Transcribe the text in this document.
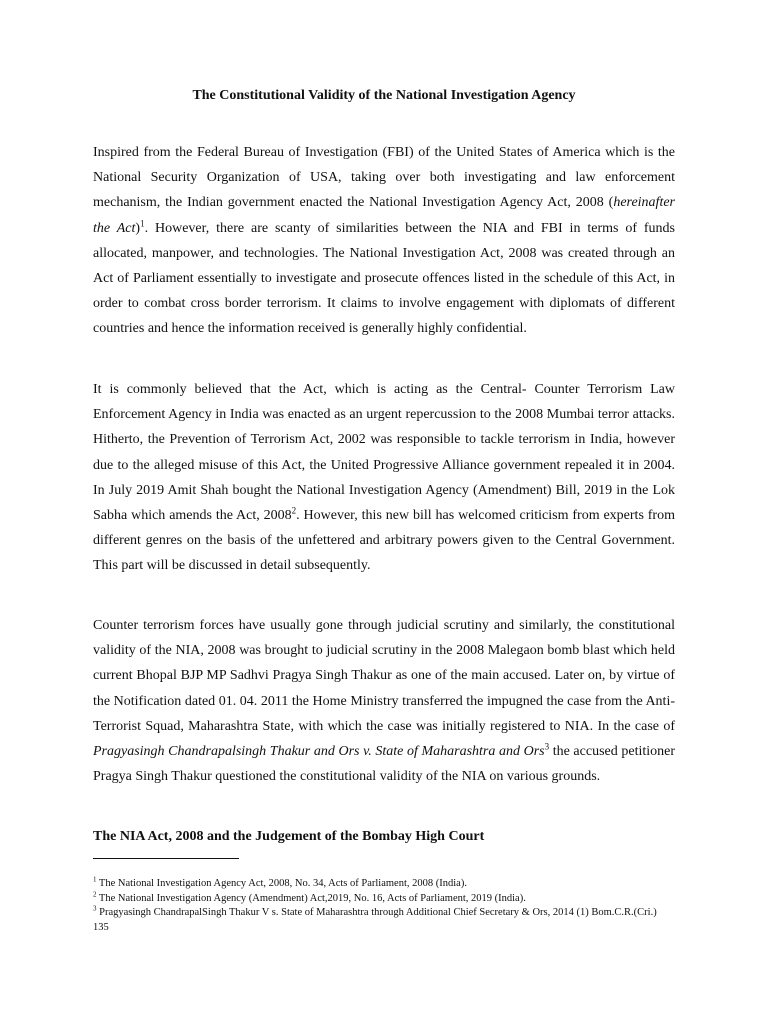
The Constitutional Validity of the National Investigation Agency

Inspired from the Federal Bureau of Investigation (FBI) of the United States of America which is the National Security Organization of USA, taking over both investigating and law enforcement mechanism, the Indian government enacted the National Investigation Agency Act, 2008 (hereinafter the Act)$^1$. However, there are scanty of similarities between the NIA and FBI in terms of funds allocated, manpower, and technologies. The National Investigation Act, 2008 was created through an Act of Parliament essentially to investigate and prosecute offences listed in the schedule of this Act, in order to combat cross border terrorism. It claims to involve engagement with diplomats of different countries and hence the information received is generally highly confidential.

It is commonly believed that the Act, which is acting as the Central- Counter Terrorism Law Enforcement Agency in India was enacted as an urgent repercussion to the 2008 Mumbai terror attacks. Hitherto, the Prevention of Terrorism Act, 2002 was responsible to tackle terrorism in India, however due to the alleged misuse of this Act, the United Progressive Alliance government repealed it in 2004. In July 2019 Amit Shah bought the National Investigation Agency (Amendment) Bill, 2019 in the Lok Sabha which amends the Act, 2008$^2$. However, this new bill has welcomed criticism from experts from different genres on the basis of the unfettered and arbitrary powers given to the Central Government. This part will be discussed in detail subsequently.

Counter terrorism forces have usually gone through judicial scrutiny and similarly, the constitutional validity of the NIA, 2008 was brought to judicial scrutiny in the 2008 Malegaon bomb blast which held current Bhopal BJP MP Sadhvi Pragya Singh Thakur as one of the main accused. Later on, by virtue of the Notification dated 01. 04. 2011 the Home Ministry transferred the impugned the case from the Anti-Terrorist Squad, Maharashtra State, with which the case was initially registered to NIA. In the case of Pragyasingh Chandrapalsingh Thakur and Ors v. State of Maharashtra and Ors$^3$ the accused petitioner Pragya Singh Thakur questioned the constitutional validity of the NIA on various grounds.

The NIA Act, 2008 and the Judgement of the Bombay High Court

$^1$ The National Investigation Agency Act, 2008, No. 34, Acts of Parliament, 2008 (India).

$^2$ The National Investigation Agency (Amendment) Act,2019, No. 16, Acts of Parliament, 2019 (India).

$^3$ Pragyasingh ChandrapalSingh Thakur V s. State of Maharashtra through Additional Chief Secretary & Ors, 2014 (1) Bom.C.R.(Cri.) 135
